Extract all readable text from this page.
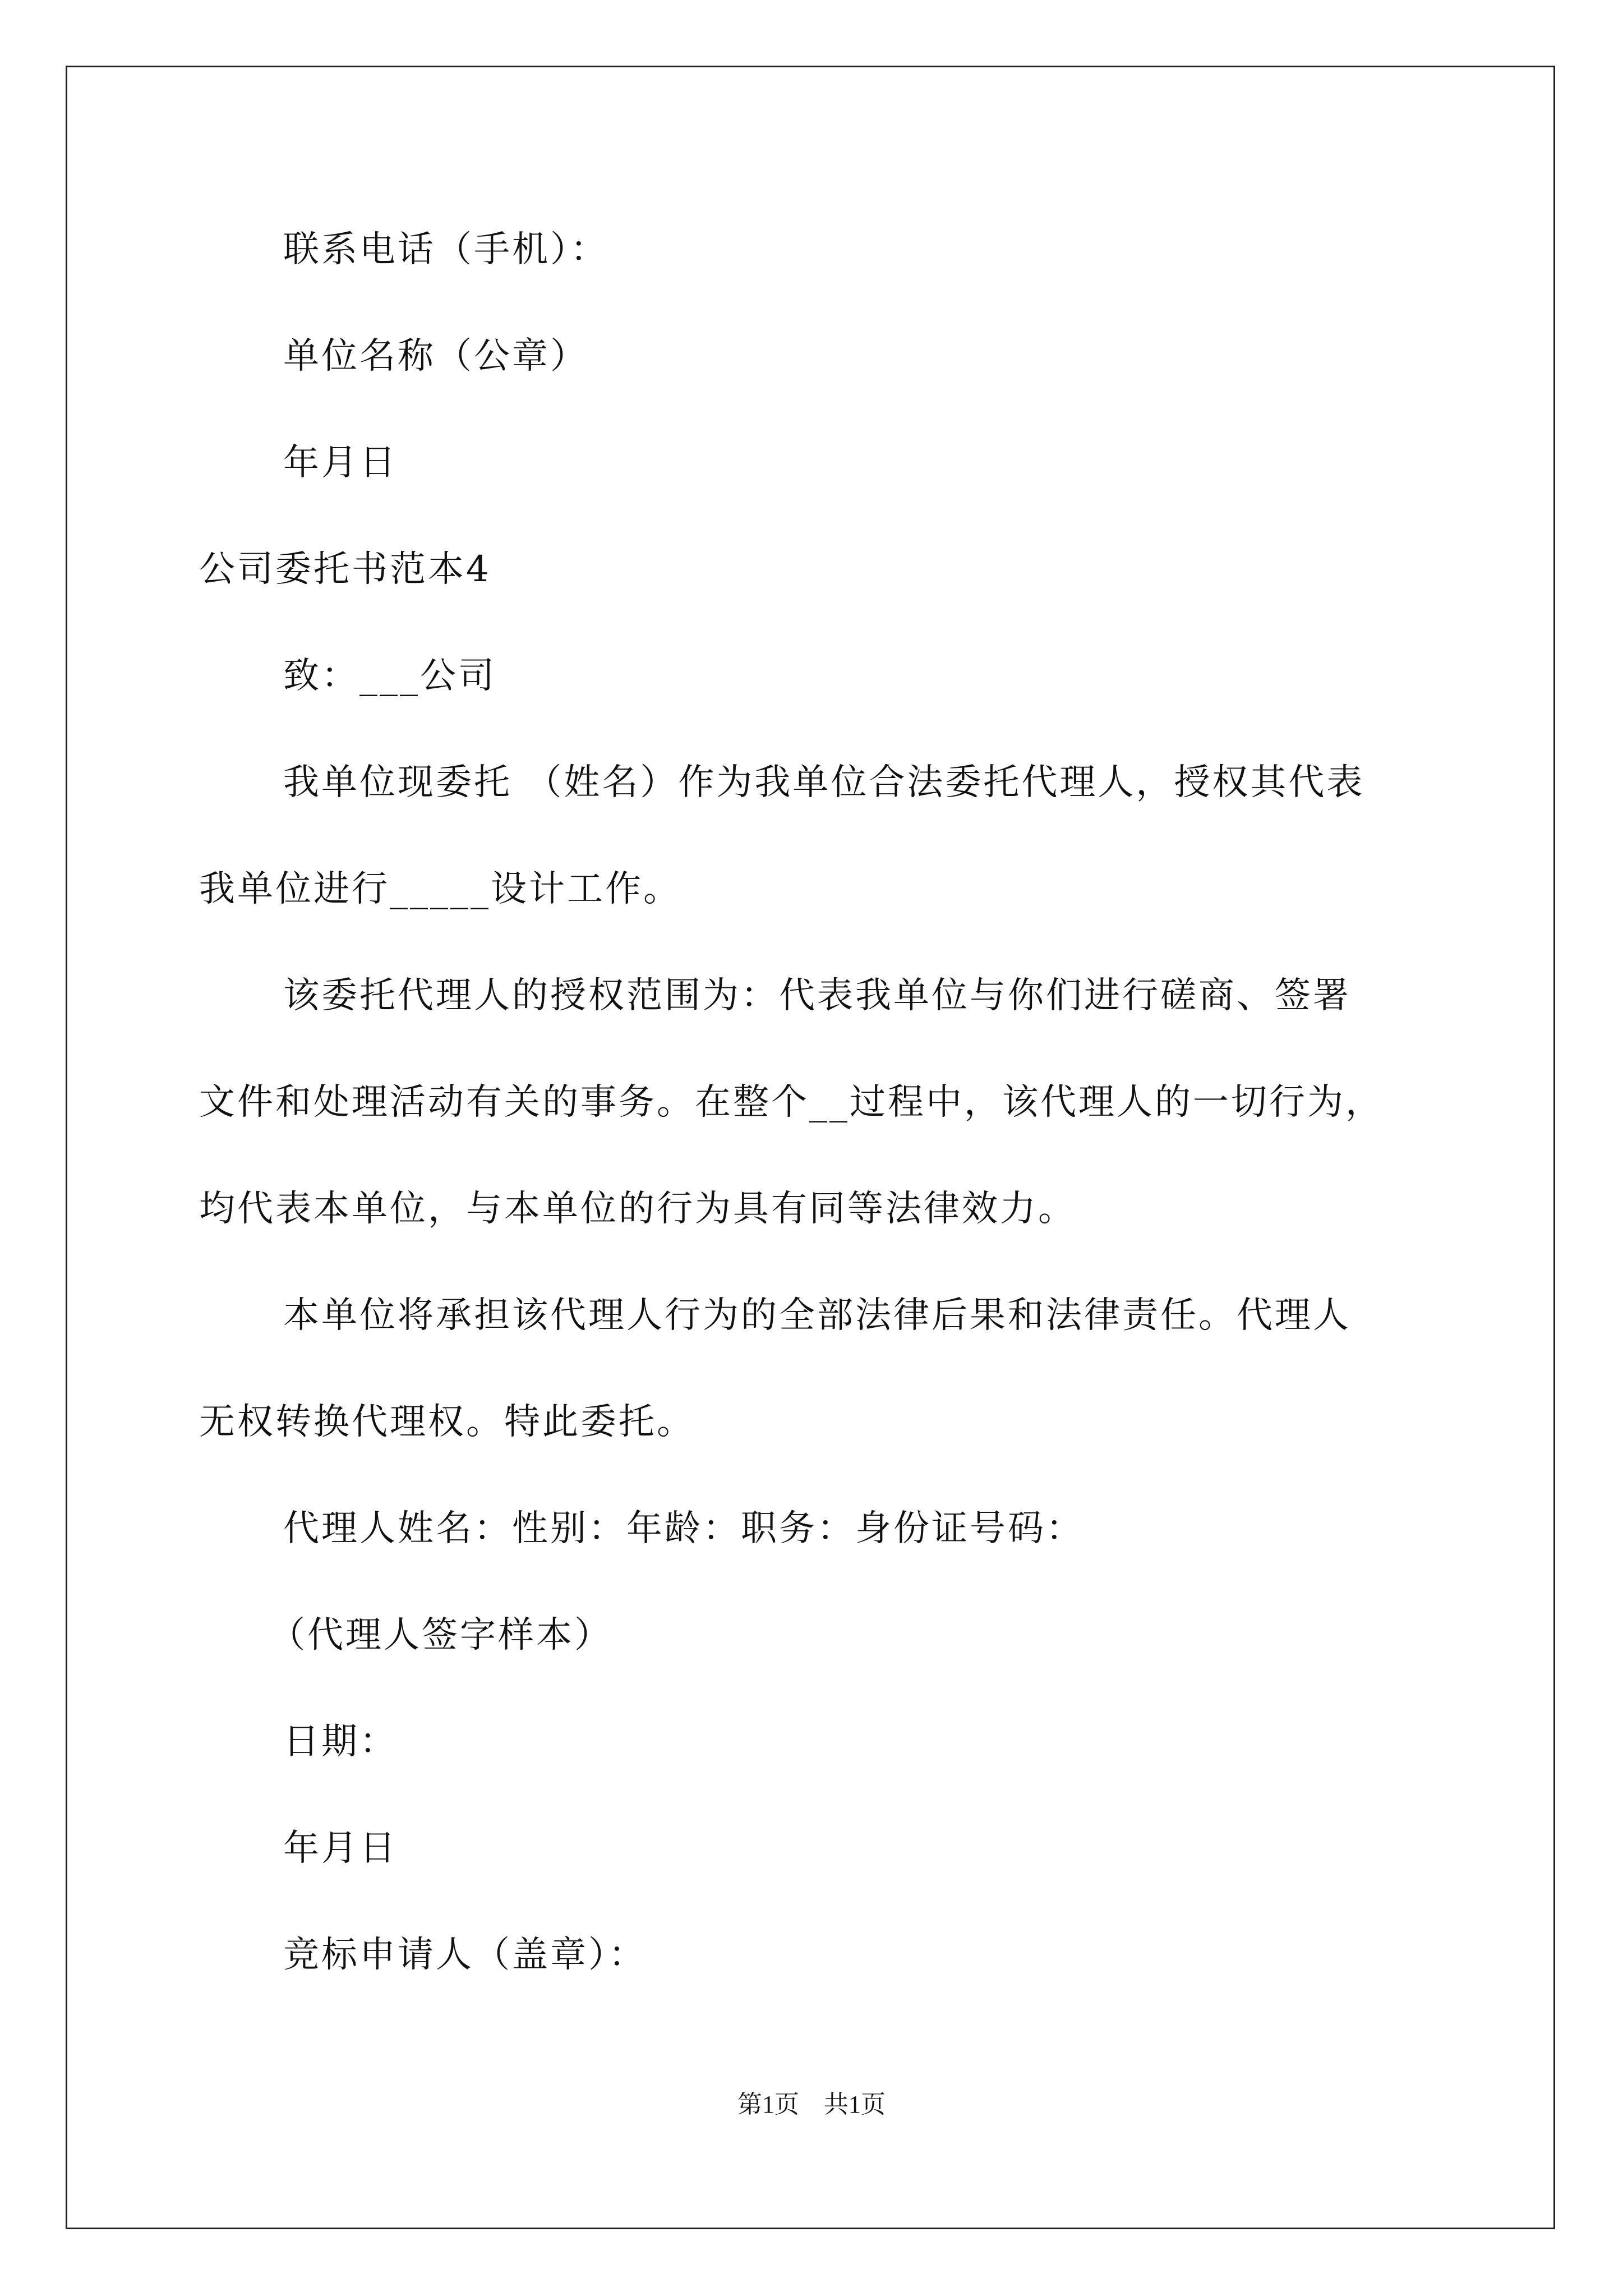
联系电话（手机）：
单位名称（公章）
年月日
公司委托书范本4
致：___公司
我单位现委托 （姓名）作为我单位合法委托代理人，授权其代表
我单位进行_____设计工作。
该委托代理人的授权范围为：代表我单位与你们进行磋商、签署
文件和处理活动有关的事务。在整个__过程中，该代理人的一切行为，
均代表本单位，与本单位的行为具有同等法律效力。
本单位将承担该代理人行为的全部法律后果和法律责任。代理人
无权转换代理权。特此委托。
代理人姓名：性别：年龄：职务：身份证号码：
（代理人签字样本）
日期：
年月日
竞标申请人（盖章）：
第1页　共1页
